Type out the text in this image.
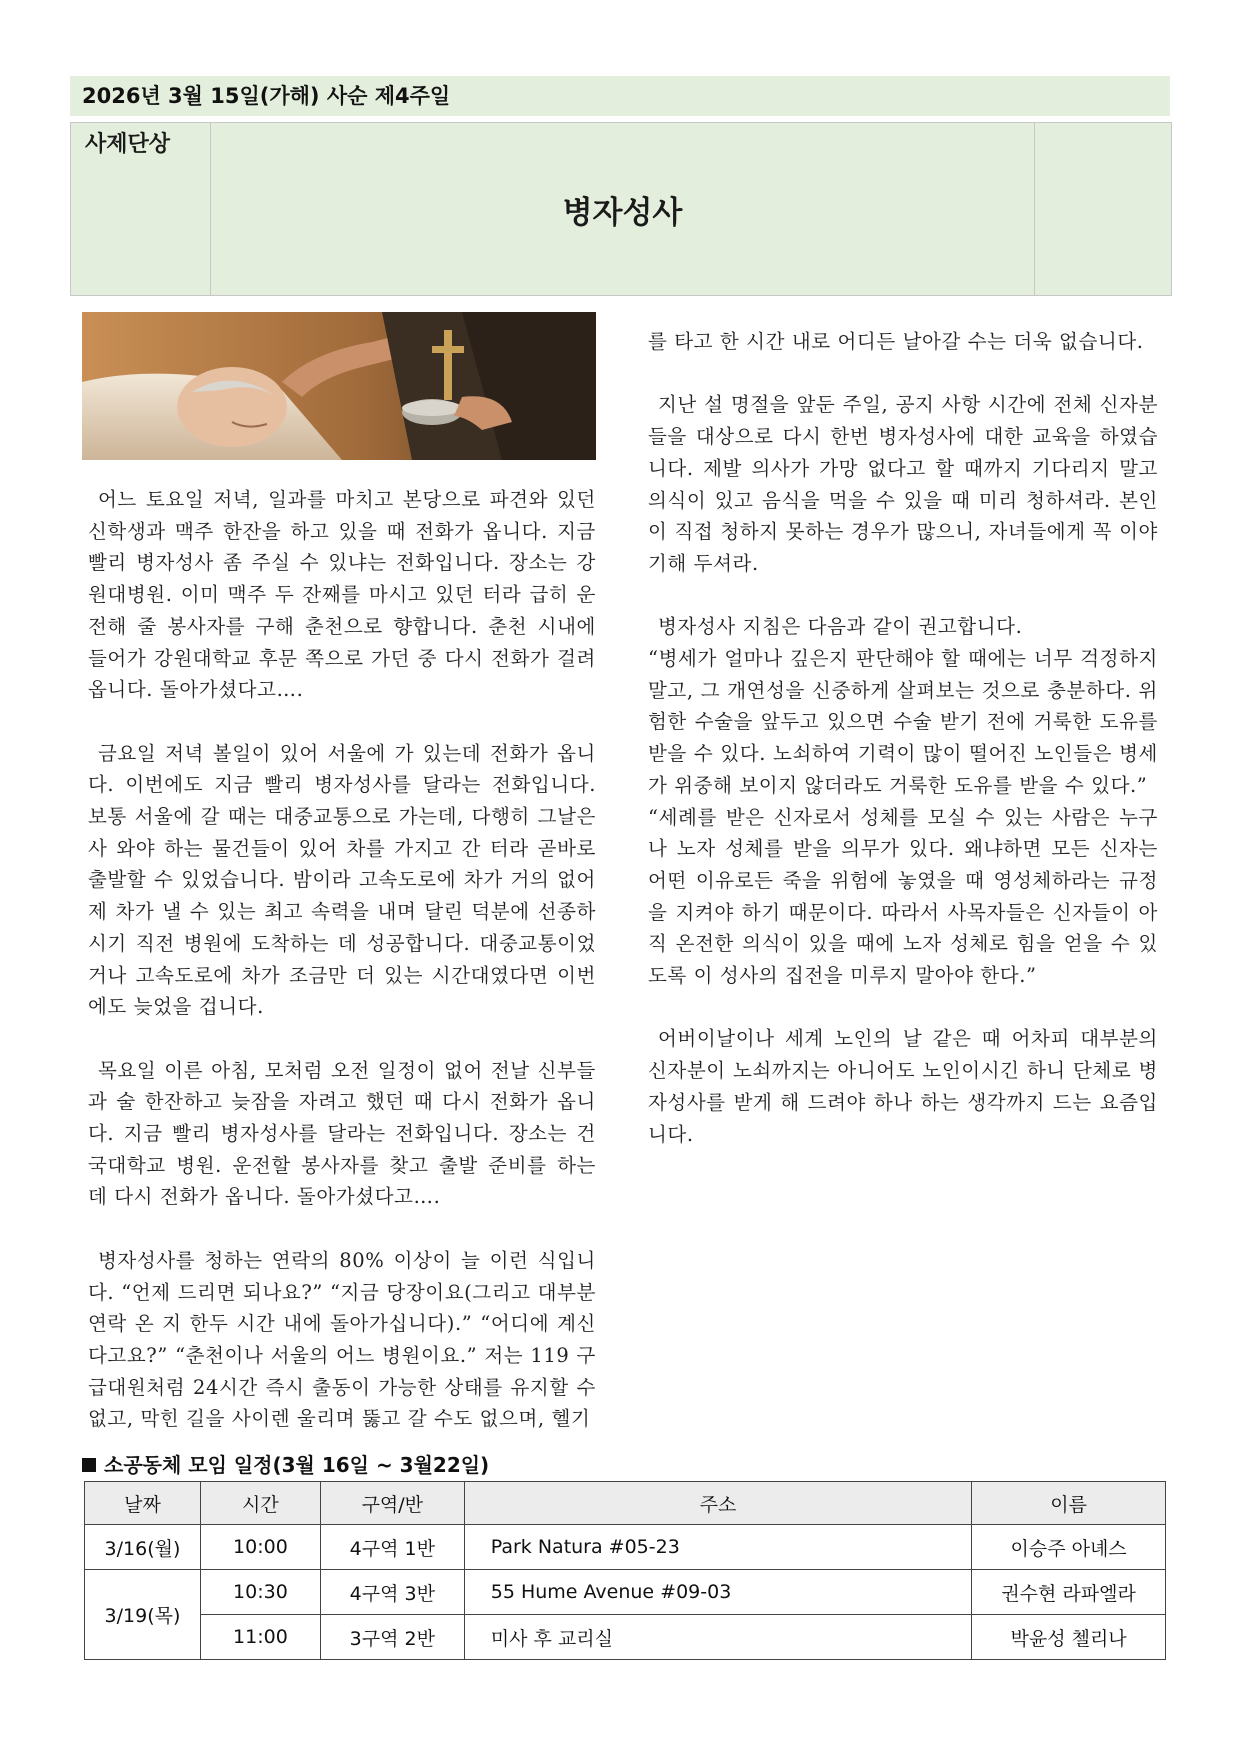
2026년 3월 15일(가해) 사순 제4주일
사제단상
병자성사

어느 토요일 저녁, 일과를 마치고 본당으로 파견와 있던 신학생과 맥주 한잔을 하고 있을 때 전화가 옵니다. 지금 빨리 병자성사 좀 주실 수 있냐는 전화입니다. 장소는 강원대병원. 이미 맥주 두 잔째를 마시고 있던 터라 급히 운전해 줄 봉사자를 구해 춘천으로 향합니다. 춘천 시내에 들어가 강원대학교 후문 쪽으로 가던 중 다시 전화가 걸려 옵니다. 돌아가셨다고….

금요일 저녁 볼일이 있어 서울에 가 있는데 전화가 옵니다. 이번에도 지금 빨리 병자성사를 달라는 전화입니다. 보통 서울에 갈 때는 대중교통으로 가는데, 다행히 그날은 사 와야 하는 물건들이 있어 차를 가지고 간 터라 곧바로 출발할 수 있었습니다. 밤이라 고속도로에 차가 거의 없어 제 차가 낼 수 있는 최고 속력을 내며 달린 덕분에 선종하시기 직전 병원에 도착하는 데 성공합니다. 대중교통이었거나 고속도로에 차가 조금만 더 있는 시간대였다면 이번에도 늦었을 겁니다.

목요일 이른 아침, 모처럼 오전 일정이 없어 전날 신부들과 술 한잔하고 늦잠을 자려고 했던 때 다시 전화가 옵니다. 지금 빨리 병자성사를 달라는 전화입니다. 장소는 건국대학교 병원. 운전할 봉사자를 찾고 출발 준비를 하는 데 다시 전화가 옵니다. 돌아가셨다고….

병자성사를 청하는 연락의 80% 이상이 늘 이런 식입니다. “언제 드리면 되나요?” “지금 당장이요(그리고 대부분 연락 온 지 한두 시간 내에 돌아가십니다).” “어디에 계신다고요?” “춘천이나 서울의 어느 병원이요.” 저는 119 구급대원처럼 24시간 즉시 출동이 가능한 상태를 유지할 수 없고, 막힌 길을 사이렌 울리며 뚫고 갈 수도 없으며, 헬기

를 타고 한 시간 내로 어디든 날아갈 수는 더욱 없습니다.

지난 설 명절을 앞둔 주일, 공지 사항 시간에 전체 신자분들을 대상으로 다시 한번 병자성사에 대한 교육을 하였습니다. 제발 의사가 가망 없다고 할 때까지 기다리지 말고 의식이 있고 음식을 먹을 수 있을 때 미리 청하셔라. 본인이 직접 청하지 못하는 경우가 많으니, 자녀들에게 꼭 이야기해 두셔라.

병자성사 지침은 다음과 같이 권고합니다.

“병세가 얼마나 깊은지 판단해야 할 때에는 너무 걱정하지 말고, 그 개연성을 신중하게 살펴보는 것으로 충분하다. 위험한 수술을 앞두고 있으면 수술 받기 전에 거룩한 도유를 받을 수 있다. 노쇠하여 기력이 많이 떨어진 노인들은 병세가 위중해 보이지 않더라도 거룩한 도유를 받을 수 있다.”

“세례를 받은 신자로서 성체를 모실 수 있는 사람은 누구나 노자 성체를 받을 의무가 있다. 왜냐하면 모든 신자는 어떤 이유로든 죽을 위험에 놓였을 때 영성체하라는 규정을 지켜야 하기 때문이다. 따라서 사목자들은 신자들이 아직 온전한 의식이 있을 때에 노자 성체로 힘을 얻을 수 있도록 이 성사의 집전을 미루지 말아야 한다.”

어버이날이나 세계 노인의 날 같은 때 어차피 대부분의 신자분이 노쇠까지는 아니어도 노인이시긴 하니 단체로 병자성사를 받게 해 드려야 하나 하는 생각까지 드는 요즘입니다.

소공동체 모임 일정(3월 16일 ~ 3월22일)
날짜	시간	구역/반	주소	이름
3/16(월)	10:00	4구역 1반	Park Natura #05-23	이승주 아녜스
3/19(목)	10:30	4구역 3반	55 Hume Avenue #09-03	권수현 라파엘라
	11:00	3구역 2반	미사 후 교리실	박윤성 첼리나
